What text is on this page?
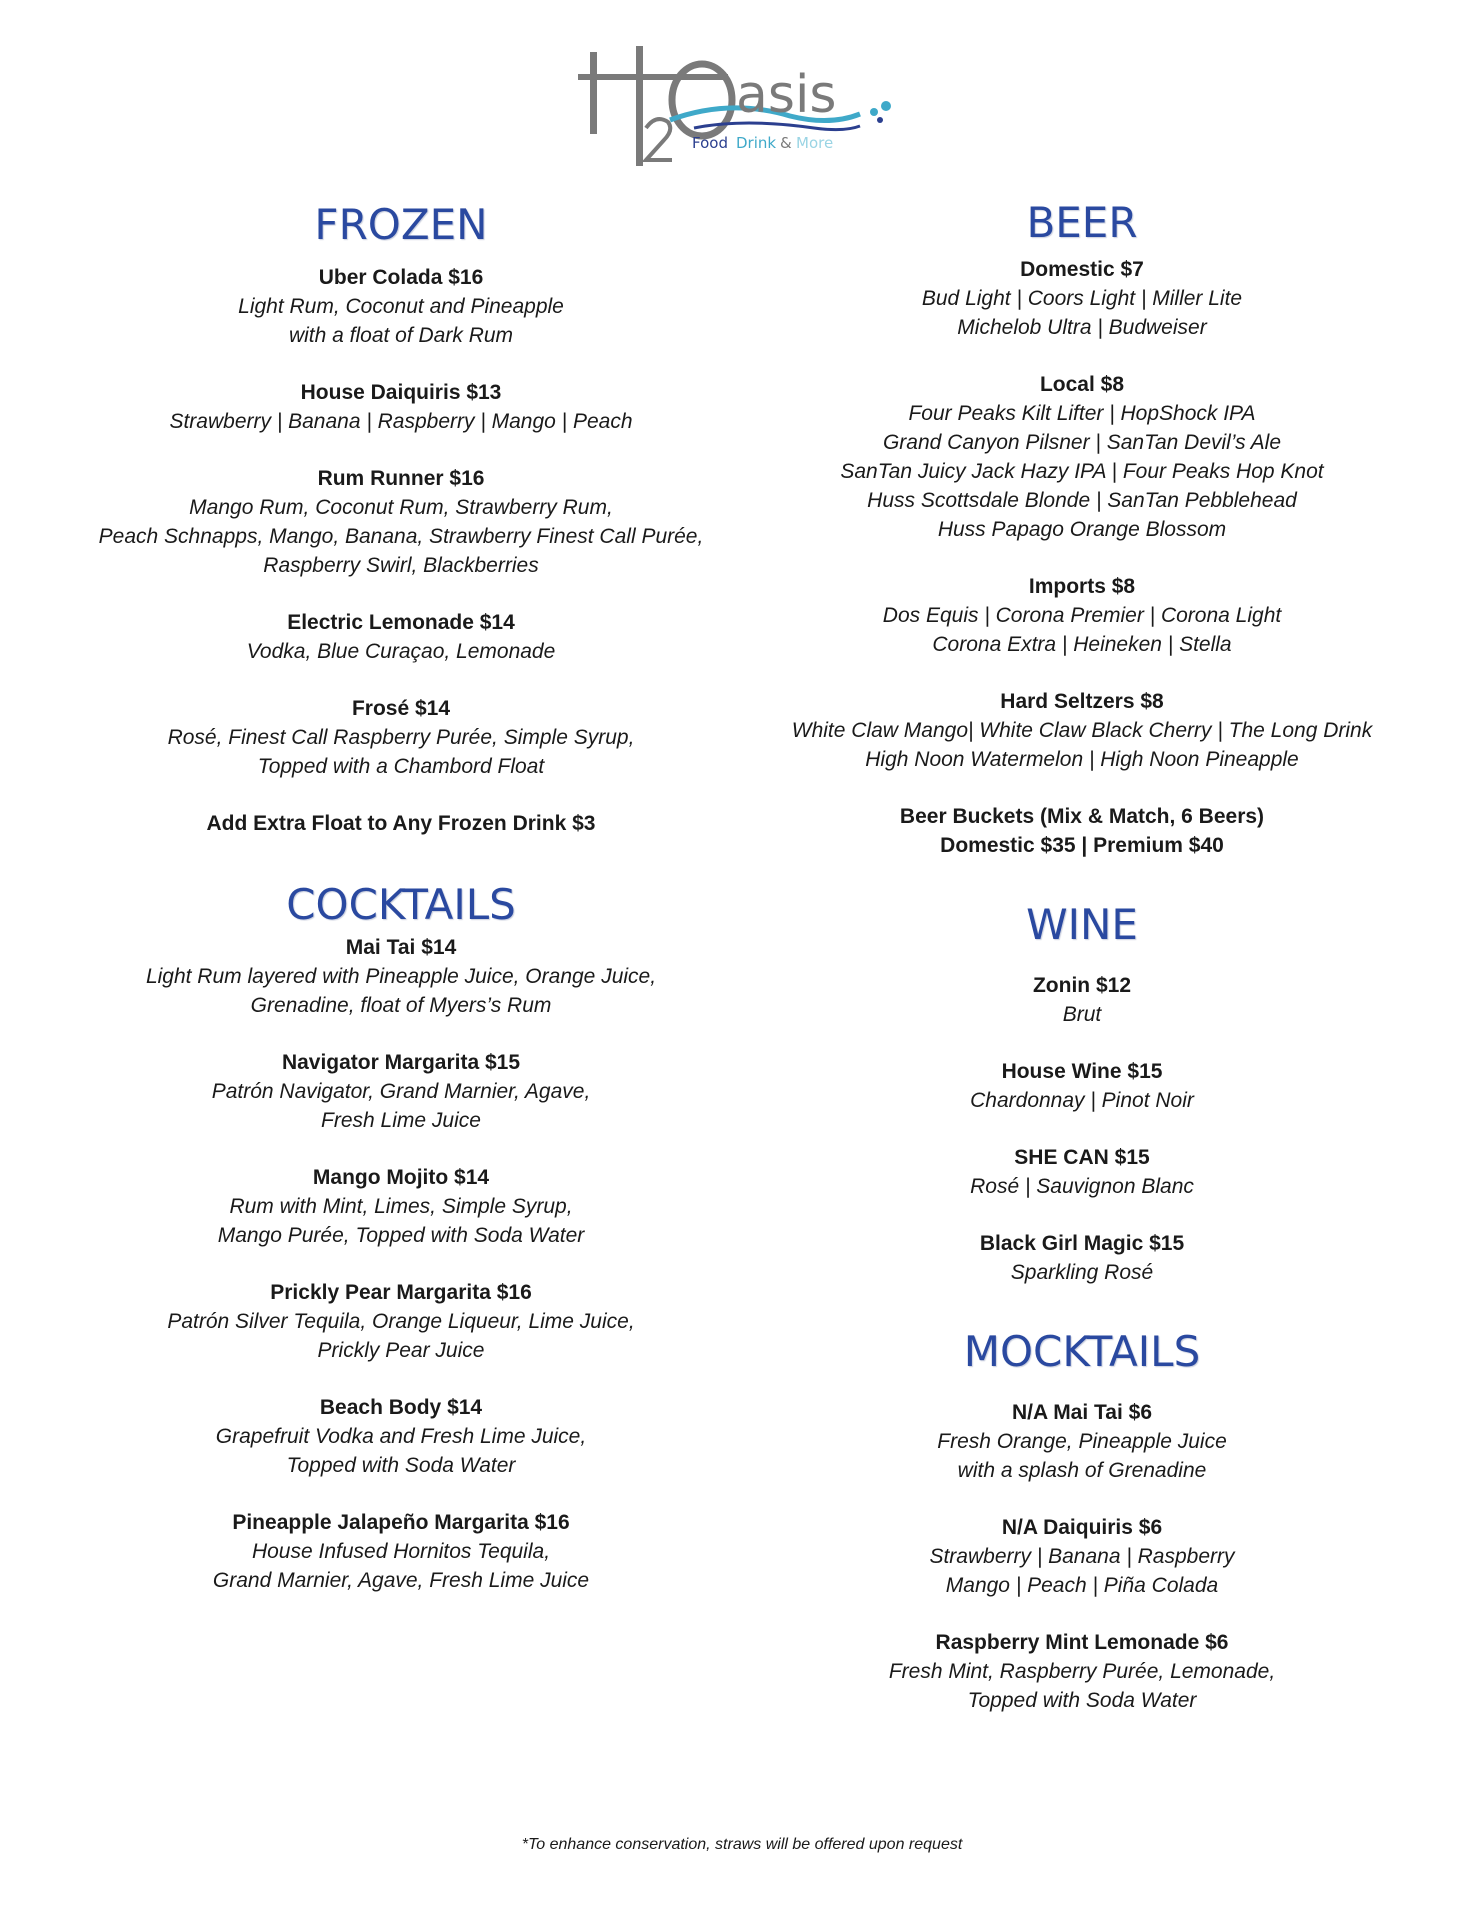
asis
Food Drink & More
FROZEN
Uber Colada $16
Light Rum, Coconut and Pineapple
with a float of Dark Rum
House Daiquiris $13
Strawberry | Banana | Raspberry | Mango | Peach
Rum Runner $16
Mango Rum, Coconut Rum, Strawberry Rum,
Peach Schnapps, Mango, Banana, Strawberry Finest Call Purée,
Raspberry Swirl, Blackberries
Electric Lemonade $14
Vodka, Blue Curaçao, Lemonade
Frosé $14
Rosé, Finest Call Raspberry Purée, Simple Syrup,
Topped with a Chambord Float
Add Extra Float to Any Frozen Drink $3
COCKTAILS
Mai Tai $14
Light Rum layered with Pineapple Juice, Orange Juice,
Grenadine, float of Myers’s Rum
Navigator Margarita $15
Patrón Navigator, Grand Marnier, Agave,
Fresh Lime Juice
Mango Mojito $14
Rum with Mint, Limes, Simple Syrup,
Mango Purée, Topped with Soda Water
Prickly Pear Margarita $16
Patrón Silver Tequila, Orange Liqueur, Lime Juice,
Prickly Pear Juice
Beach Body $14
Grapefruit Vodka and Fresh Lime Juice,
Topped with Soda Water
Pineapple Jalapeño Margarita $16
House Infused Hornitos Tequila,
Grand Marnier, Agave, Fresh Lime Juice
BEER
Domestic $7
Bud Light | Coors Light | Miller Lite
Michelob Ultra | Budweiser
Local $8
Four Peaks Kilt Lifter | HopShock IPA
Grand Canyon Pilsner | SanTan Devil’s Ale
SanTan Juicy Jack Hazy IPA | Four Peaks Hop Knot
Huss Scottsdale Blonde | SanTan Pebblehead
Huss Papago Orange Blossom
Imports $8
Dos Equis | Corona Premier | Corona Light
Corona Extra | Heineken | Stella
Hard Seltzers $8
White Claw Mango| White Claw Black Cherry | The Long Drink
High Noon Watermelon | High Noon Pineapple
Beer Buckets (Mix & Match, 6 Beers)
Domestic $35 | Premium $40
WINE
Zonin $12
Brut
House Wine $15
Chardonnay | Pinot Noir
SHE CAN $15
Rosé | Sauvignon Blanc
Black Girl Magic $15
Sparkling Rosé
MOCKTAILS
N/A Mai Tai $6
Fresh Orange, Pineapple Juice
with a splash of Grenadine
N/A Daiquiris $6
Strawberry | Banana | Raspberry
Mango | Peach | Piña Colada
Raspberry Mint Lemonade $6
Fresh Mint, Raspberry Purée, Lemonade,
Topped with Soda Water
*To enhance conservation, straws will be offered upon request
